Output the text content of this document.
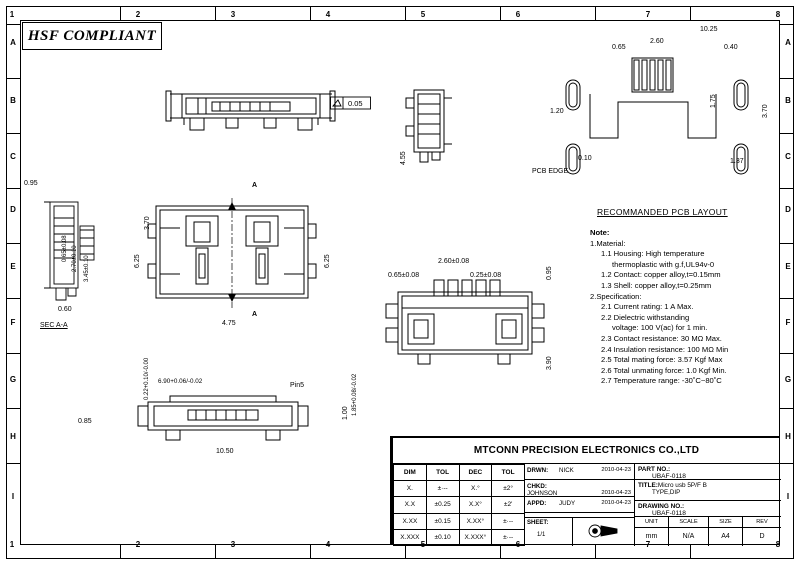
1	2	3	4	5	6	7	8
1	2	3	4	5	6	7	8
A
B
C
D
E
F
G
H
I
A
B
C
D
E
F
G
H
I
HSF COMPLIANT
0.05
4.55
SEC A-A
0.95
0.60
0.65±0.08 2.70±0.10 3.45±0.10
A
A
3.70
6.25	6.25
4.75
2.60±0.08
0.65±0.08	0.25±0.08	0.95
3.90
6.90+0.06/-0.02
Pin5
10.50
0.85
0.22+0.10/-0.00
1.00 1.85+0.08/-0.02
10.25
2.60
0.65	0.40
1.20
0.10
1.75
3.70
1.37
PCB EDGE
RECOMMANDED PCB LAYOUT
Note:
1.Material:
1.1 Housing: High temperature
thermoplastic with g.f,UL94v-0
1.2 Contact: copper alloy,t=0.15mm
1.3 Shell: copper alloy,t=0.25mm
2.Specification:
2.1 Current rating: 1 A Max.
2.2 Dielectric withstanding
voltage: 100 V(ac) for 1 min.
2.3 Contact resistance: 30 MΩ Max.
2.4 Insulation resistance: 100 MΩ Min
2.5 Total mating force: 3.57 Kgf Max
2.6 Total unmating force: 1.0 Kgf Min.
2.7 Temperature range: -30˚C~80˚C
MTCONN PRECISION ELECTRONICS CO.,LTD
DIM	TOL	DEC	TOL
X.	±·--	X.°	±2°
X.X	±0.25	X.X°	±2'
X.XX	±0.15	X.XX°	±·--
X.XXX	±0.10	X.XXX°	±·--
DRWN: NICK	2010-04-23
CHKD:
JOHNSON	2010-04-23
APPD: JUDY	2010-04-23
SHEET:
1/1
PART NO.:
UBAF-0118
TITLE:Micro usb 5P/F B
TYPE,DIP
DRAWING NO.:
UBAF-0118
UNIT
mm
SCALE
N/A
SIZE
A4
REV
D
